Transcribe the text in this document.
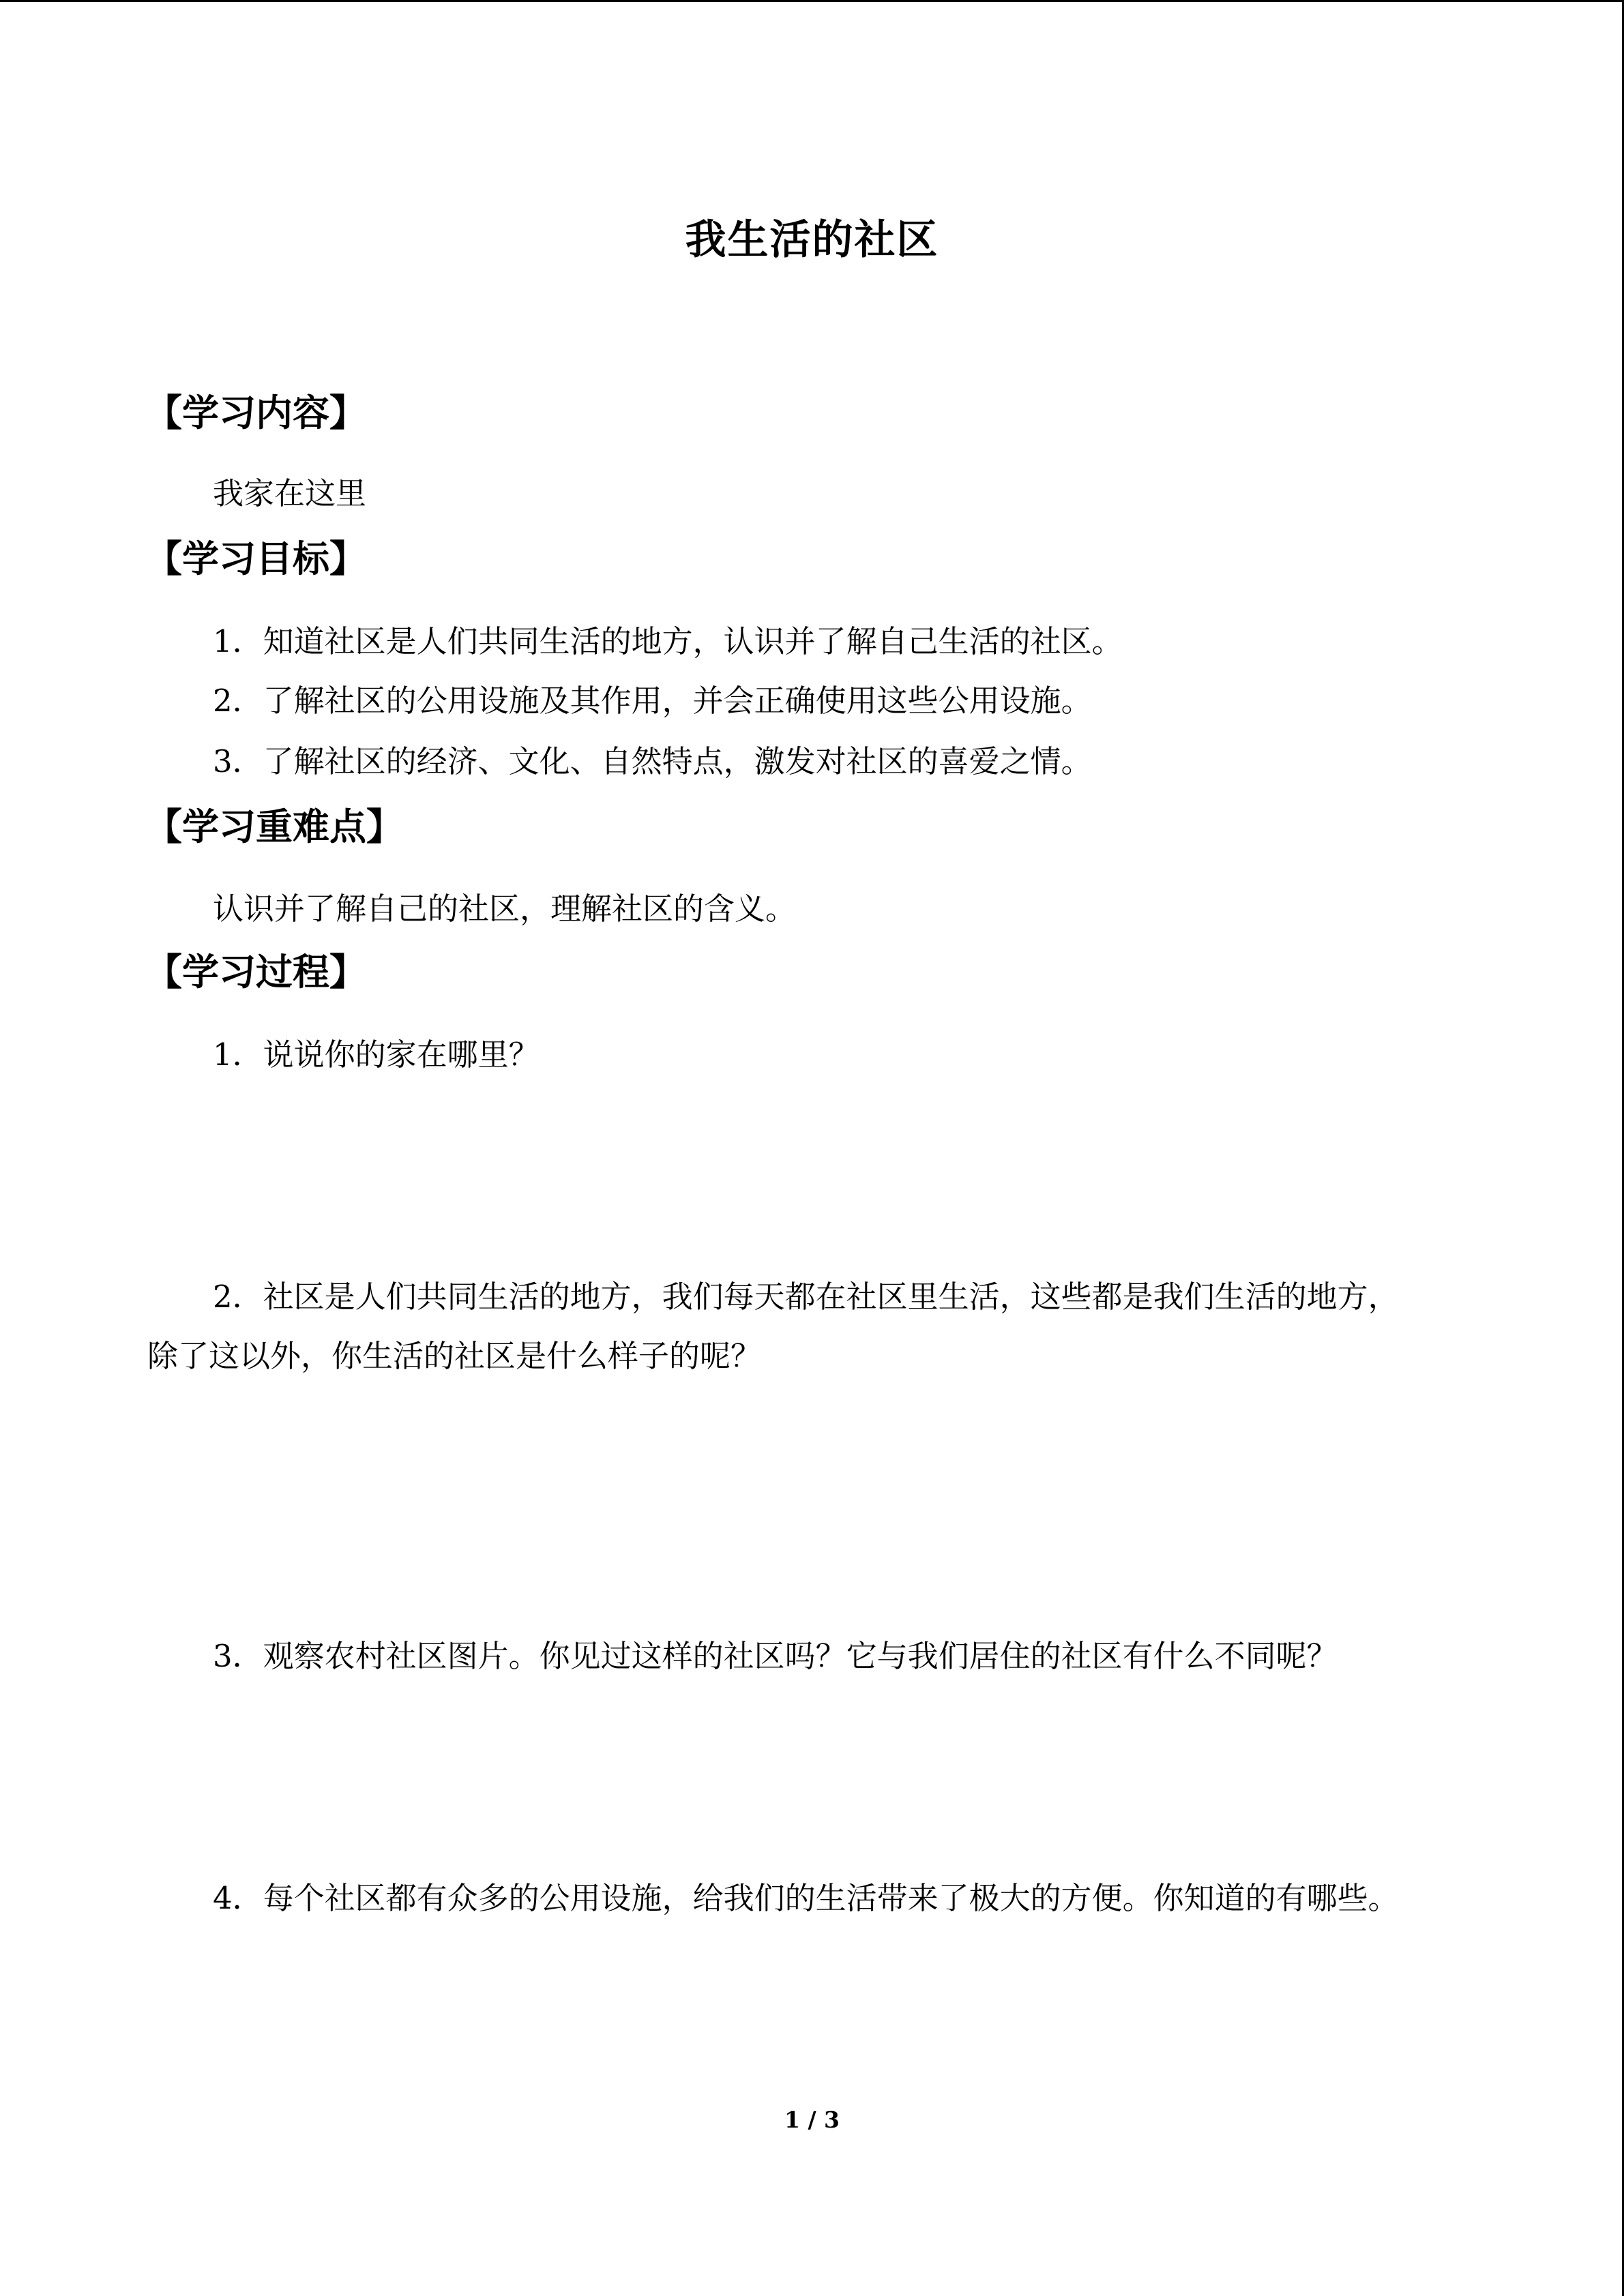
我生活的社区
【学习内容】
我家在这里
【学习目标】
1．知道社区是人们共同生活的地方，认识并了解自己生活的社区。
2．了解社区的公用设施及其作用，并会正确使用这些公用设施。
3．了解社区的经济、文化、自然特点，激发对社区的喜爱之情。
【学习重难点】
认识并了解自己的社区，理解社区的含义。
【学习过程】
1．说说你的家在哪里？
2．社区是人们共同生活的地方，我们每天都在社区里生活，这些都是我们生活的地方，
除了这以外，你生活的社区是什么样子的呢？
3．观察农村社区图片。你见过这样的社区吗？它与我们居住的社区有什么不同呢？
4．每个社区都有众多的公用设施，给我们的生活带来了极大的方便。你知道的有哪些。
1 / 3
